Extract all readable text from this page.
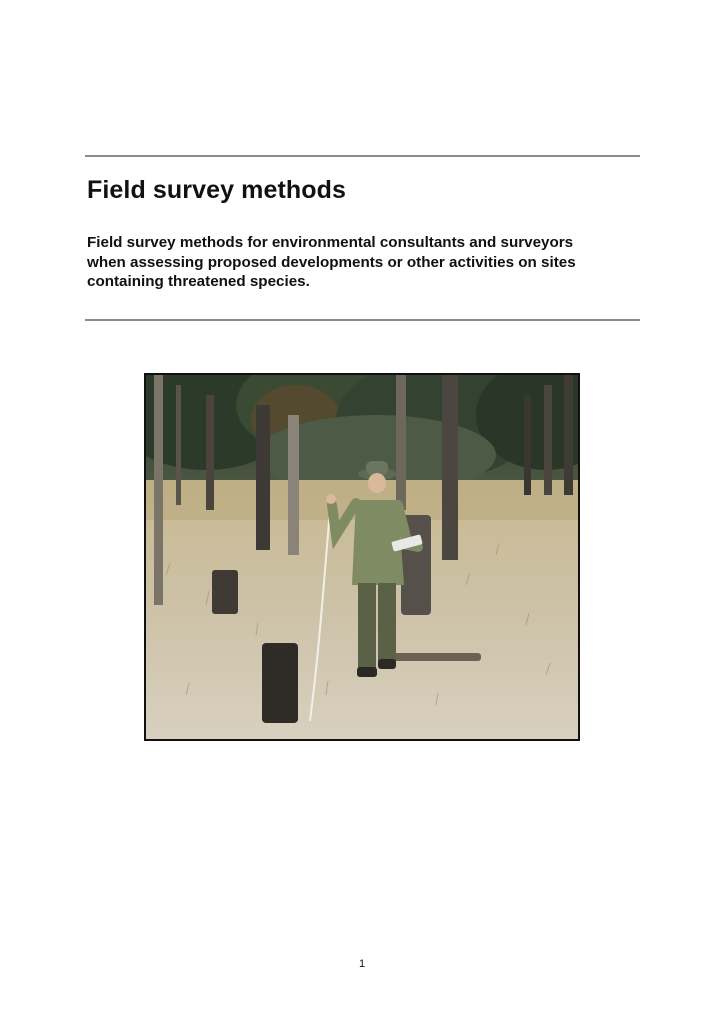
Field survey methods

Field survey methods for environmental consultants and surveyors
when assessing proposed developments or other activities on sites
containing threatened species.

1
